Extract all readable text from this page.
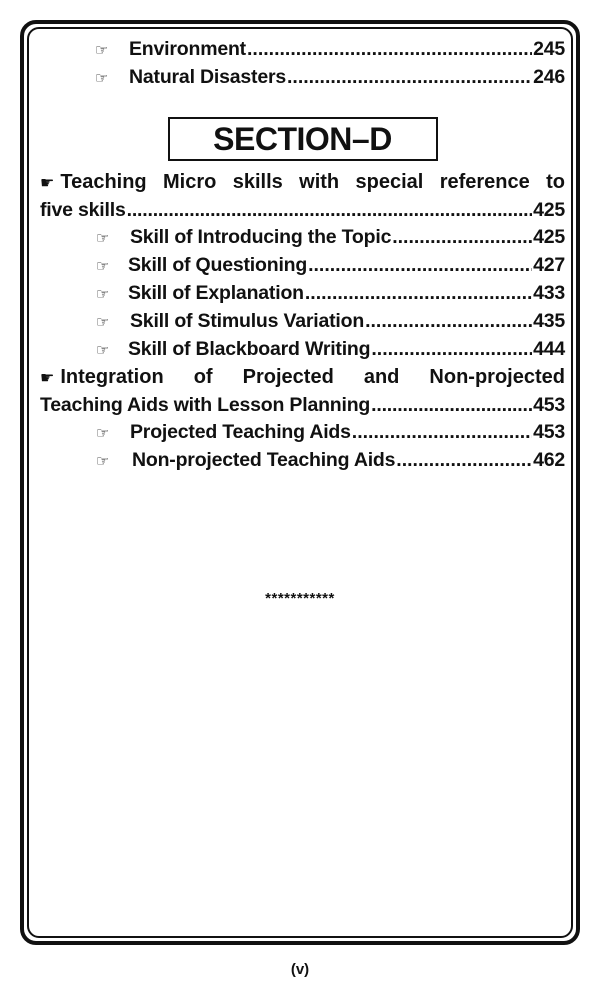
☞	Environment .....	245
☞	Natural Disasters .....	246
SECTION–D
☛ Teaching Micro skills with special reference to
five skills .....	425
☞	Skill of Introducing the Topic .....	425
☞ Skill of Questioning .....	427
☞ Skill of Explanation .....	433
☞	Skill of Stimulus Variation .....	435
☞ Skill of Blackboard Writing .....	444
☛ Integration of Projected and Non-projected
Teaching Aids with Lesson Planning .....	453
☞	Projected Teaching Aids .....	453
☞	Non-projected Teaching Aids .....	462
***********
(v)
